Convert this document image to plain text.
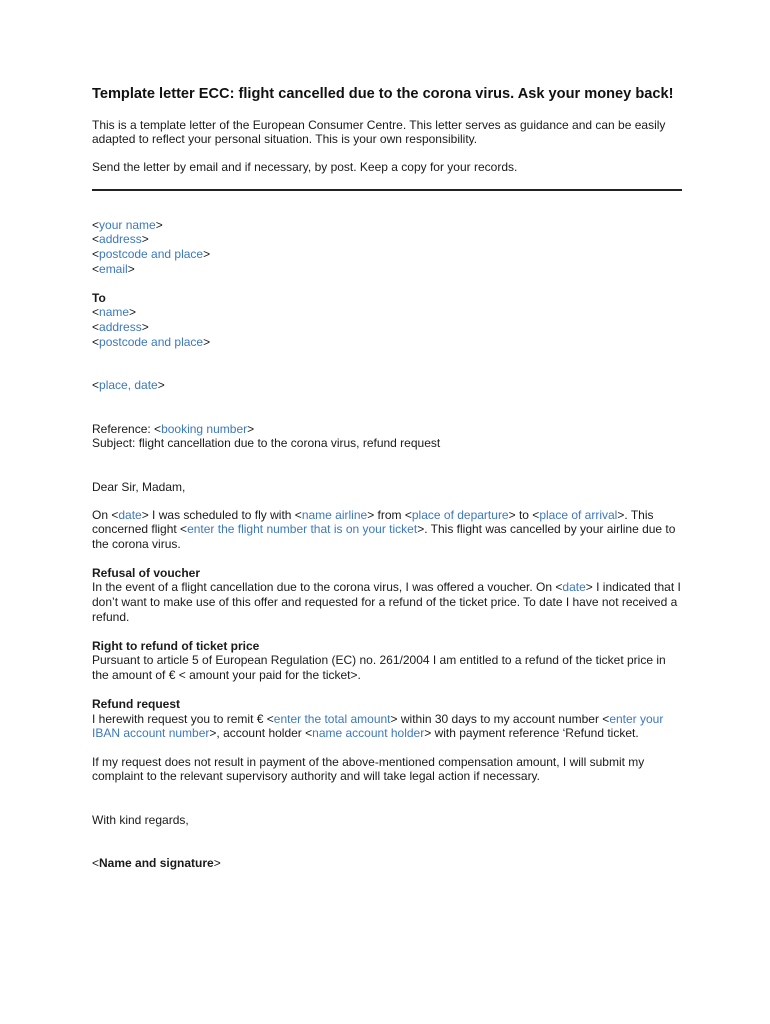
Template letter ECC: flight cancelled due to the corona virus. Ask your money back!

This is a template letter of the European Consumer Centre. This letter serves as guidance and can be easily adapted to reflect your personal situation. This is your own responsibility.

Send the letter by email and if necessary, by post. Keep a copy for your records.

<your name>

<address>

<postcode and place>

<email>

To

<name>

<address>

<postcode and place>

<place, date>

Reference: <booking number>

Subject: flight cancellation due to the corona virus, refund request

Dear Sir, Madam,

On <date> I was scheduled to fly with <name airline> from <place of departure> to <place of arrival>. This concerned flight <enter the flight number that is on your ticket>. This flight was cancelled by your airline due to the corona virus.

Refusal of voucher

In the event of a flight cancellation due to the corona virus, I was offered a voucher. On <date> I indicated that I don’t want to make use of this offer and requested for a refund of the ticket price. To date I have not received a refund.

Right to refund of ticket price

Pursuant to article 5 of European Regulation (EC) no. 261/2004 I am entitled to a refund of the ticket price in the amount of € < amount your paid for the ticket>.

Refund request

I herewith request you to remit € <enter the total amount> within 30 days to my account number <enter your IBAN account number>, account holder <name account holder> with payment reference ‘Refund ticket.

If my request does not result in payment of the above-mentioned compensation amount, I will submit my complaint to the relevant supervisory authority and will take legal action if necessary.

With kind regards,

<Name and signature>
